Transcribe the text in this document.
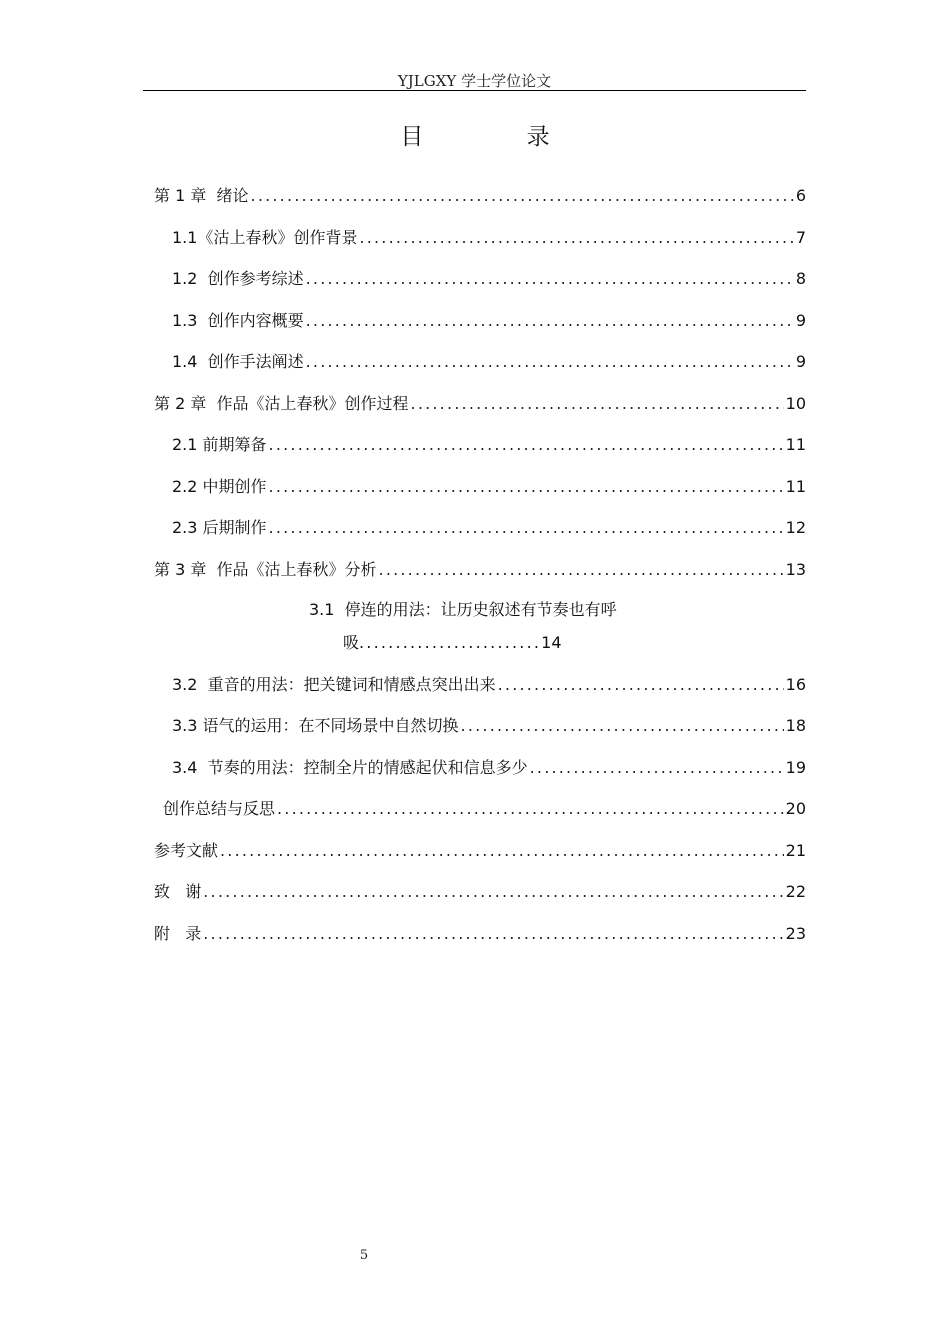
YJLGXY 学士学位论文
目 录
第 1 章  绪论 .....	6
1.1《沽上春秋》创作背景 .....	7
1.2  创作参考综述 .....	8
1.3  创作内容概要 .....	9
1.4  创作手法阐述 .....	9
第 2 章  作品《沽上春秋》创作过程 .....	10
2.1 前期筹备 .....	11
2.2 中期创作 .....	11
2.3 后期制作 .....	12
第 3 章  作品《沽上春秋》分析 .....	13
3.1  停连的用法：让历史叙述有节奏也有呼
吸.........................14
3.2  重音的用法：把关键词和情感点突出出来 .....	16
3.3 语气的运用：在不同场景中自然切换 .....	18
3.4  节奏的用法：控制全片的情感起伏和信息多少 .....	19
创作总结与反思 .....	20
参考文献 .....	21
致   谢 .....	22
附   录 .....	23
5
